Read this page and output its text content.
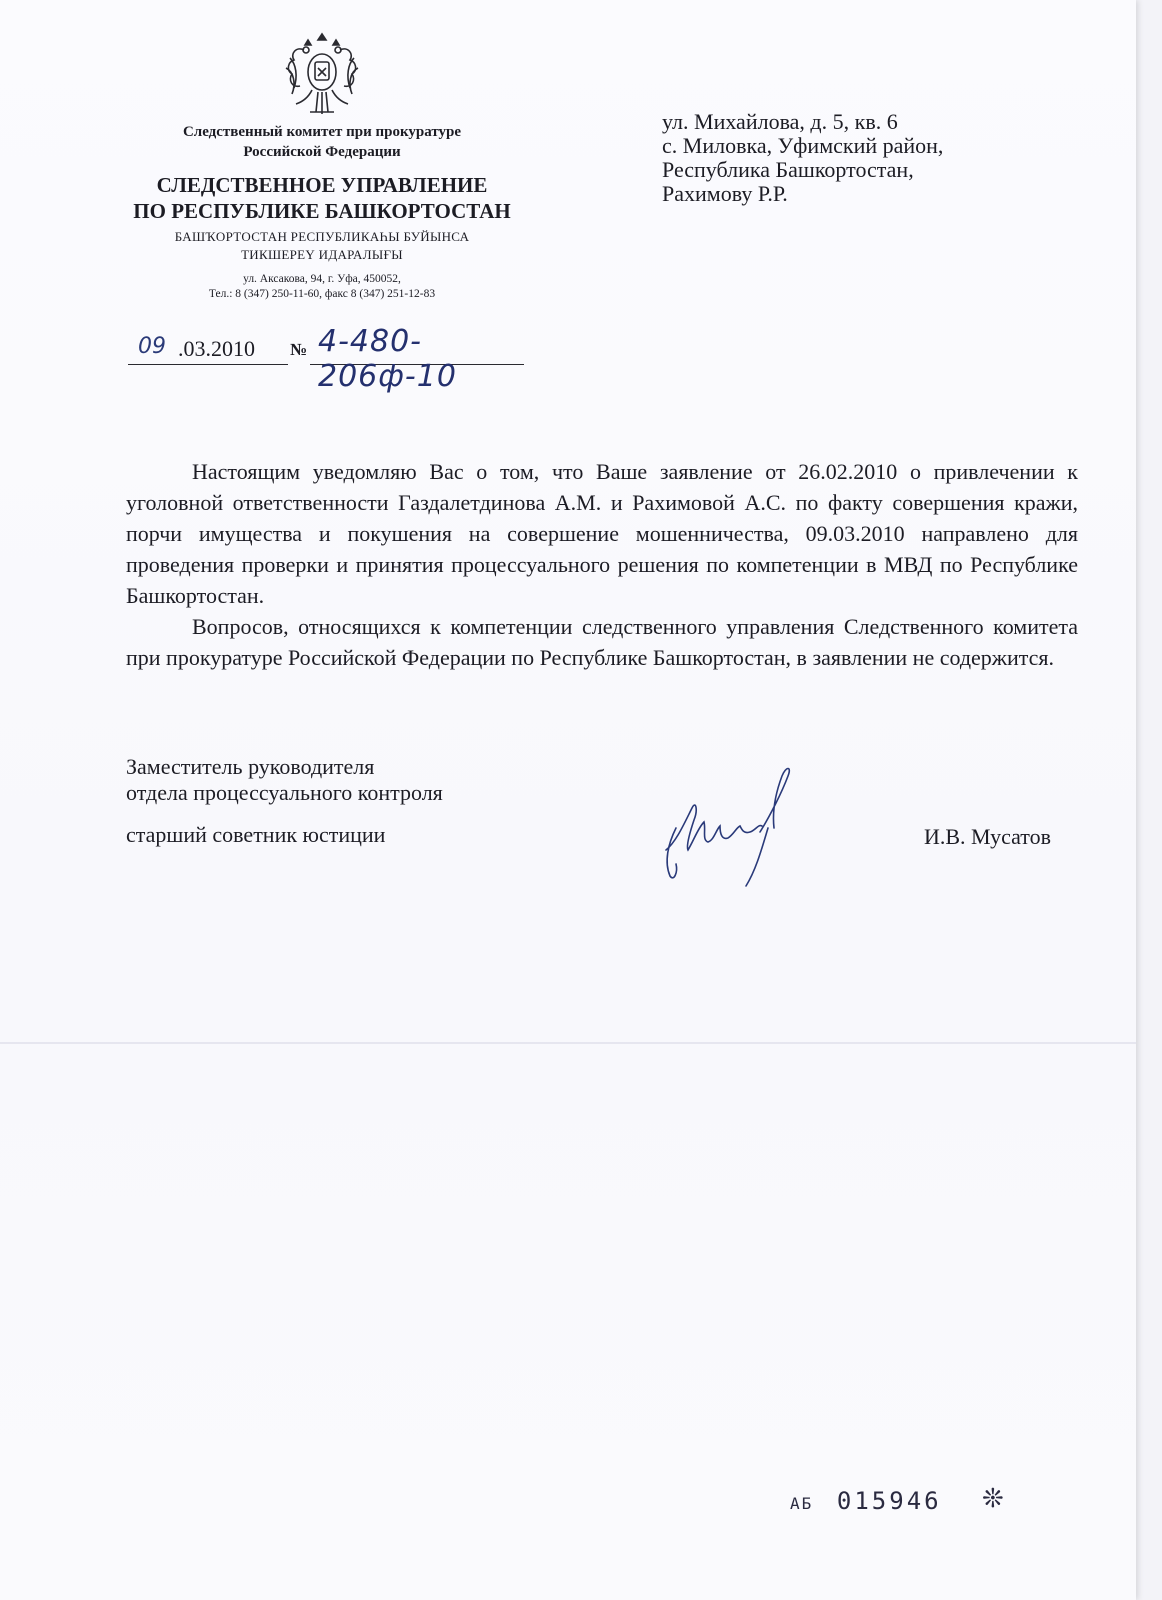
Следственный комитет при прокуратуре
Российской Федерации
СЛЕДСТВЕННОЕ УПРАВЛЕНИЕ
ПО РЕСПУБЛИКЕ БАШКОРТОСТАН
БАШҠОРТОСТАН РЕСПУБЛИКАҺЫ БУЙЫНСА
ТИКШЕРЕҮ ИДАРАЛЫҒЫ
ул. Аксакова, 94, г. Уфа, 450052,
Тел.: 8 (347) 250-11-60, факс 8 (347) 251-12-83
09 .03.2010 № 4-480-206ф-10
ул. Михайлова, д. 5, кв. 6
с. Миловка, Уфимский район,
Республика Башкортостан,
Рахимову Р.Р.

Настоящим уведомляю Вас о том, что Ваше заявление от 26.02.2010 о привлечении к уголовной ответственности Газдалетдинова А.М. и Рахимовой А.С. по факту совершения кражи, порчи имущества и покушения на совершение мошенничества, 09.03.2010 направлено для проведения проверки и принятия процессуального решения по компетенции в МВД по Республике Башкортостан.

Вопросов, относящихся к компетенции следственного управления Следственного комитета при прокуратуре Российской Федерации по Республике Башкортостан, в заявлении не содержится.

Заместитель руководителя
отдела процессуального контроля
старший советник юстиции	И.В. Мусатов
АБ 015946 ❊
